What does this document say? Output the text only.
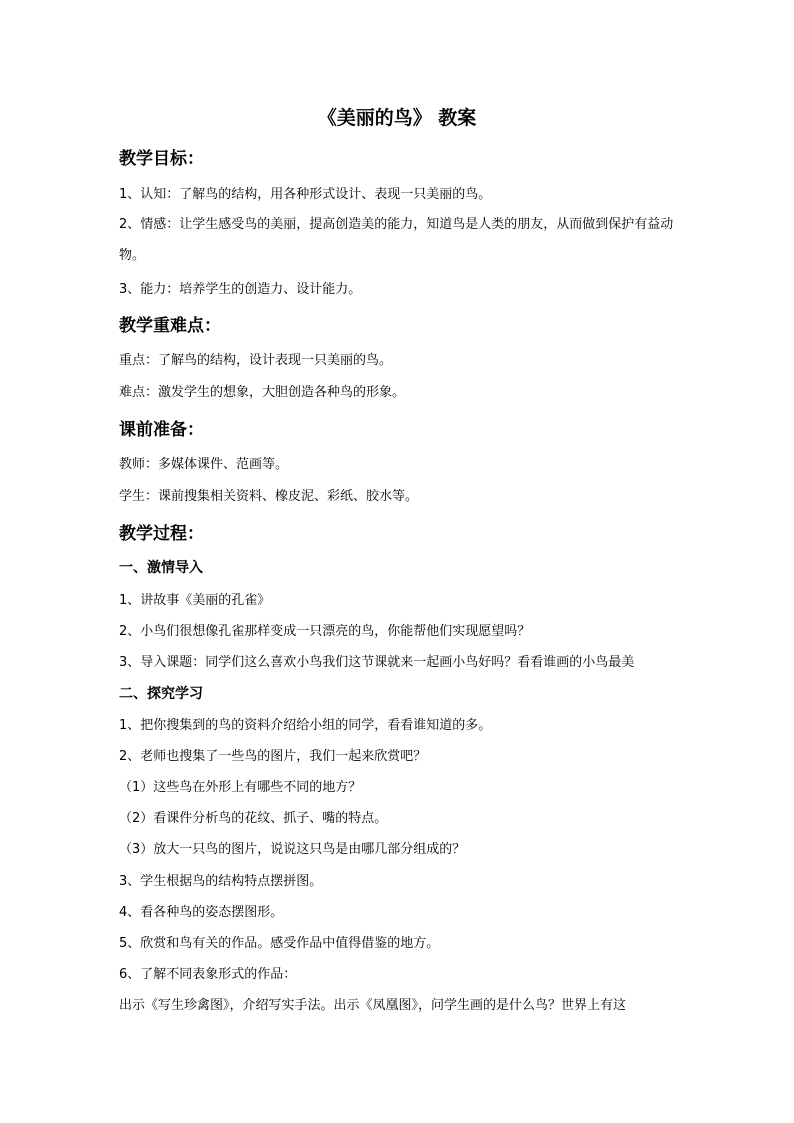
《美丽的鸟》 教案
教学目标：
1、认知：了解鸟的结构，用各种形式设计、表现一只美丽的鸟。
2、情感：让学生感受鸟的美丽，提高创造美的能力，知道鸟是人类的朋友，从而做到保护有益动物。
3、能力：培养学生的创造力、设计能力。
教学重难点：
重点：了解鸟的结构，设计表现一只美丽的鸟。
难点：激发学生的想象，大胆创造各种鸟的形象。
课前准备：
教师：多媒体课件、范画等。
学生：课前搜集相关资料、橡皮泥、彩纸、胶水等。
教学过程：
一、激情导入
1、讲故事《美丽的孔雀》
2、小鸟们很想像孔雀那样变成一只漂亮的鸟，你能帮他们实现愿望吗？
3、导入课题：同学们这么喜欢小鸟我们这节课就来一起画小鸟好吗？看看谁画的小鸟最美
二、探究学习
1、把你搜集到的鸟的资料介绍给小组的同学，看看谁知道的多。
2、老师也搜集了一些鸟的图片，我们一起来欣赏吧？
（1）这些鸟在外形上有哪些不同的地方？
（2）看课件分析鸟的花纹、抓子、嘴的特点。
（3）放大一只鸟的图片，说说这只鸟是由哪几部分组成的？
3、学生根据鸟的结构特点摆拼图。
4、看各种鸟的姿态摆图形。
5、欣赏和鸟有关的作品。感受作品中值得借鉴的地方。
6、了解不同表象形式的作品：
出示《写生珍禽图》，介绍写实手法。出示《凤凰图》，问学生画的是什么鸟？世界上有这
